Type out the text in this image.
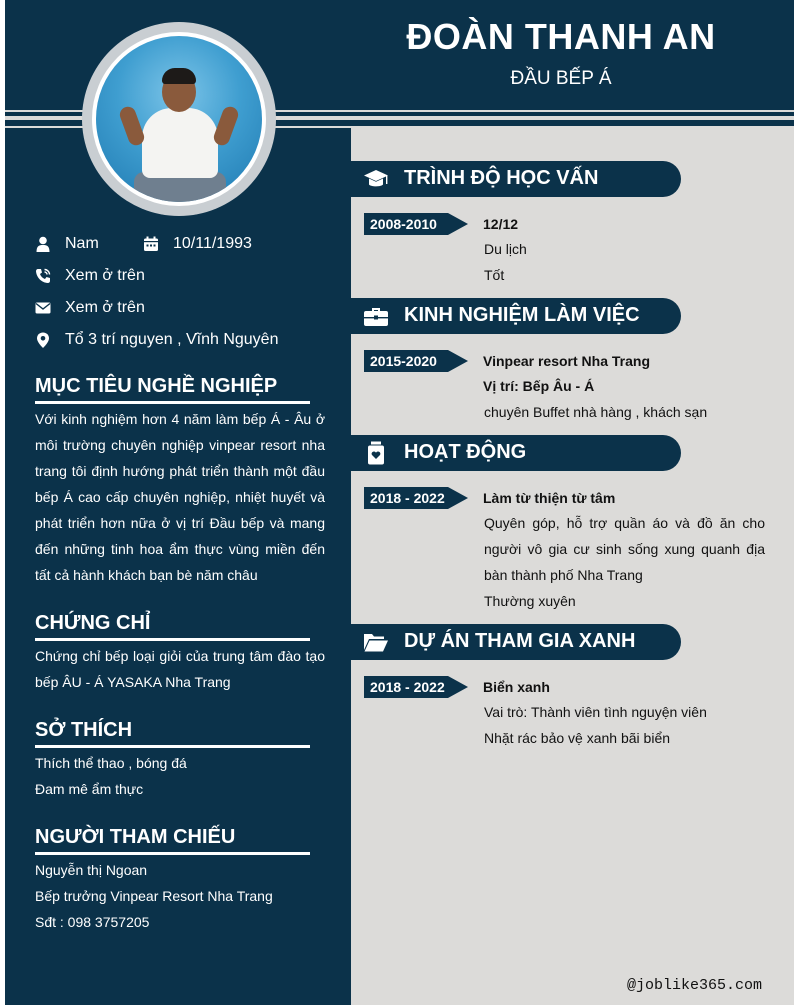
ĐOÀN THANH AN
ĐẦU BẾP Á
Nam	10/11/1993
Xem ở trên
Xem ở trên
Tổ 3 trí nguyen , Vĩnh Nguyên
MỤC TIÊU NGHỀ NGHIỆP
Với kinh nghiệm hơn 4 năm làm bếp Á - Âu ở môi trường chuyên nghiệp vinpear resort nha trang tôi định hướng phát triển thành một đầu bếp Á cao cấp chuyên nghiệp, nhiệt huyết và phát triển hơn nữa ở vị trí Đầu bếp và mang đến những tinh hoa ẩm thực vùng miền đến tất cả hành khách bạn bè năm châu
CHỨNG CHỈ
Chứng chỉ bếp loại giỏi của trung tâm đào tạo bếp ÂU - Á YASAKA Nha Trang
SỞ THÍCH
Thích thể thao , bóng đá
Đam mê ẩm thực
NGƯỜI THAM CHIẾU
Nguyễn thị Ngoan
Bếp trưởng Vinpear Resort Nha Trang
Sđt : 098 3757205
TRÌNH ĐỘ HỌC VẤN
2008-2010	12/12
Du lịch
Tốt
KINH NGHIỆM LÀM VIỆC
2015-2020	Vinpear resort Nha Trang
Vị trí: Bếp Âu - Á
chuyên Buffet nhà hàng , khách sạn
HOẠT ĐỘNG
2018 - 2022	Làm từ thiện từ tâm
Quyên góp, hỗ trợ quần áo và đồ ăn cho người vô gia cư sinh sống xung quanh địa bàn thành phố Nha Trang
Thường xuyên
DỰ ÁN THAM GIA XANH
2018 - 2022	Biển xanh
Vai trò: Thành viên tình nguyện viên
Nhặt rác bảo vệ xanh bãi biển
@joblike365.com
